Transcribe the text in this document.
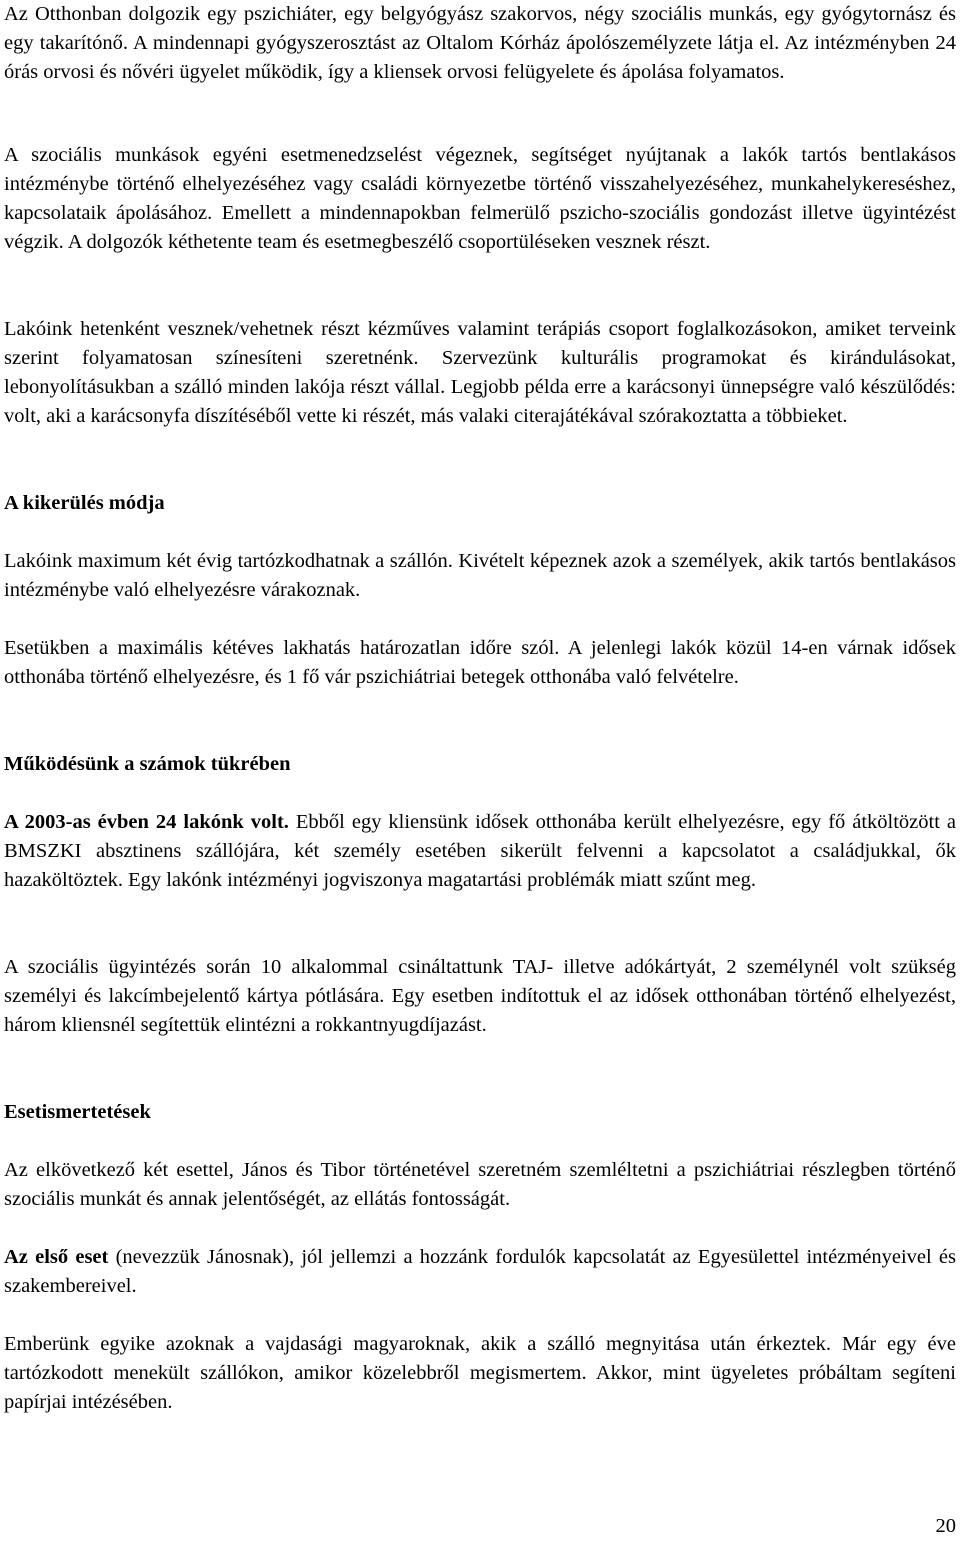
Az Otthonban dolgozik egy pszichiáter, egy belgyógyász szakorvos, négy szociális munkás, egy gyógytornász és egy takarítónő. A mindennapi gyógyszerosztást az Oltalom Kórház ápolószemélyzete látja el. Az intézményben 24 órás orvosi és nővéri ügyelet működik, így a kliensek orvosi felügyelete és ápolása folyamatos.

A szociális munkások egyéni esetmenedzselést végeznek, segítséget nyújtanak a lakók tartós bentlakásos intézménybe történő elhelyezéséhez vagy családi környezetbe történő visszahelyezéséhez, munkahelykereséshez, kapcsolataik ápolásához. Emellett a mindennapokban felmerülő pszicho-szociális gondozást illetve ügyintézést végzik. A dolgozók kéthetente team és esetmegbeszélő csoportüléseken vesznek részt.

Lakóink hetenként vesznek/vehetnek részt kézműves valamint terápiás csoport foglalkozásokon, amiket terveink szerint folyamatosan színesíteni szeretnénk. Szervezünk kulturális programokat és kirándulásokat, lebonyolításukban a szálló minden lakója részt vállal. Legjobb példa erre a karácsonyi ünnepségre való készülődés: volt, aki a karácsonyfa díszítéséből vette ki részét, más valaki citerajátékával szórakoztatta a többieket.

A kikerülés módja

Lakóink maximum két évig tartózkodhatnak a szállón. Kivételt képeznek azok a személyek, akik tartós bentlakásos intézménybe való elhelyezésre várakoznak.

Esetükben a maximális kétéves lakhatás határozatlan időre szól. A jelenlegi lakók közül 14-en várnak idősek otthonába történő elhelyezésre, és 1 fő vár pszichiátriai betegek otthonába való felvételre.

Működésünk a számok tükrében

A 2003-as évben 24 lakónk volt. Ebből egy kliensünk idősek otthonába került elhelyezésre, egy fő átköltözött a BMSZKI absztinens szállójára, két személy esetében sikerült felvenni a kapcsolatot a családjukkal, ők hazaköltöztek. Egy lakónk intézményi jogviszonya magatartási problémák miatt szűnt meg.

A szociális ügyintézés során 10 alkalommal csináltattunk TAJ- illetve adókártyát, 2 személynél volt szükség személyi és lakcímbejelentő kártya pótlására. Egy esetben indítottuk el az idősek otthonában történő elhelyezést, három kliensnél segítettük elintézni a rokkantnyugdíjazást.

Esetismertetések

Az elkövetkező két esettel, János és Tibor történetével szeretném szemléltetni a pszichiátriai részlegben történő szociális munkát és annak jelentőségét, az ellátás fontosságát.

Az első eset (nevezzük Jánosnak), jól jellemzi a hozzánk fordulók kapcsolatát az Egyesülettel intézményeivel és szakembereivel.

Emberünk egyike azoknak a vajdasági magyaroknak, akik a szálló megnyitása után érkeztek. Már egy éve tartózkodott menekült szállókon, amikor közelebbről megismertem. Akkor, mint ügyeletes próbáltam segíteni papírjai intézésében.

20
